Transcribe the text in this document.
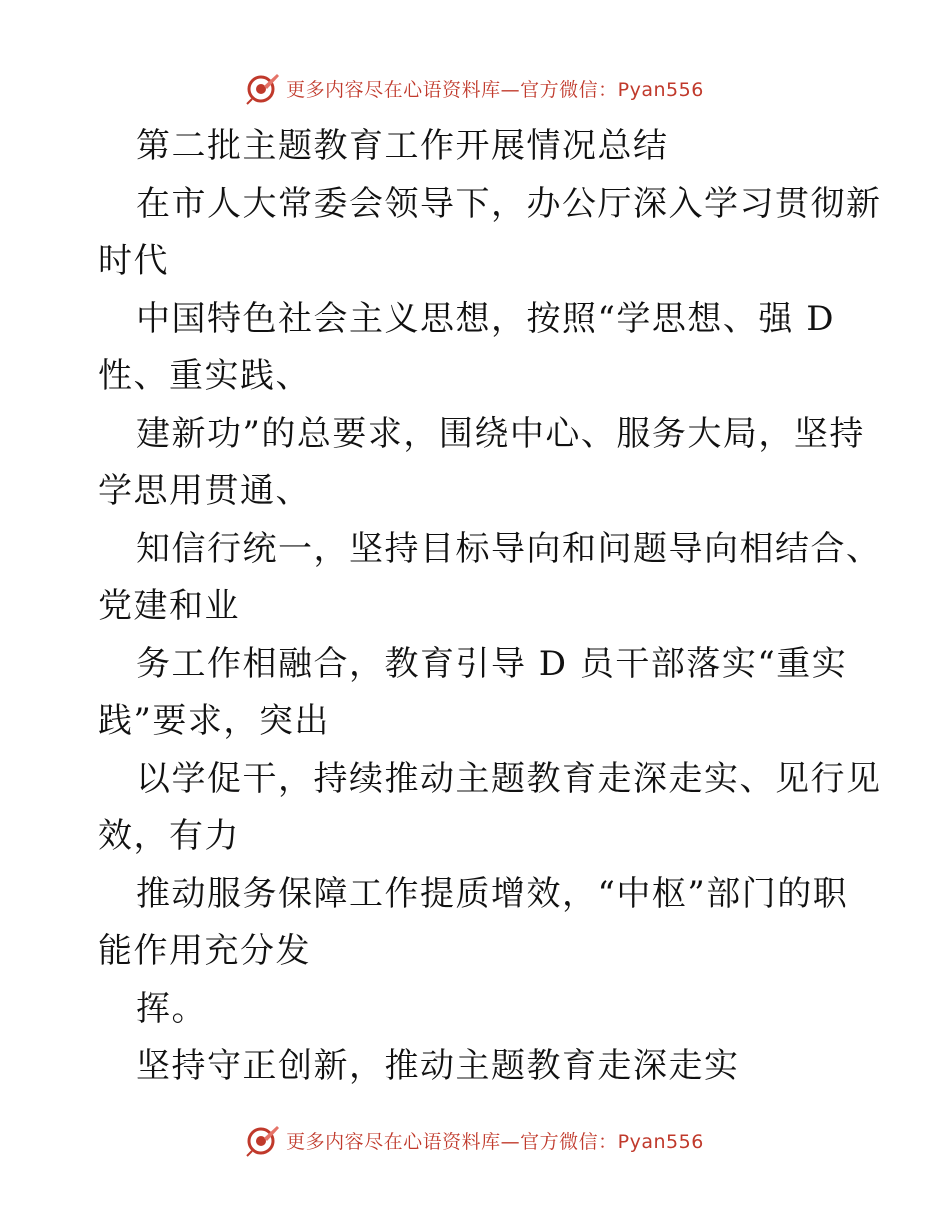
更多内容尽在心语资料库—官方微信：Pyan556
第二批主题教育工作开展情况总结
在市人大常委会领导下，办公厅深入学习贯彻新
时代
中国特色社会主义思想，按照“学思想、强 D
性、重实践、
建新功”的总要求，围绕中心、服务大局，坚持
学思用贯通、
知信行统一，坚持目标导向和问题导向相结合、
党建和业
务工作相融合，教育引导 D 员干部落实“重实
践”要求，突出
以学促干，持续推动主题教育走深走实、见行见
效，有力
推动服务保障工作提质增效，“中枢”部门的职
能作用充分发
挥。
坚持守正创新，推动主题教育走深走实
更多内容尽在心语资料库—官方微信：Pyan556
